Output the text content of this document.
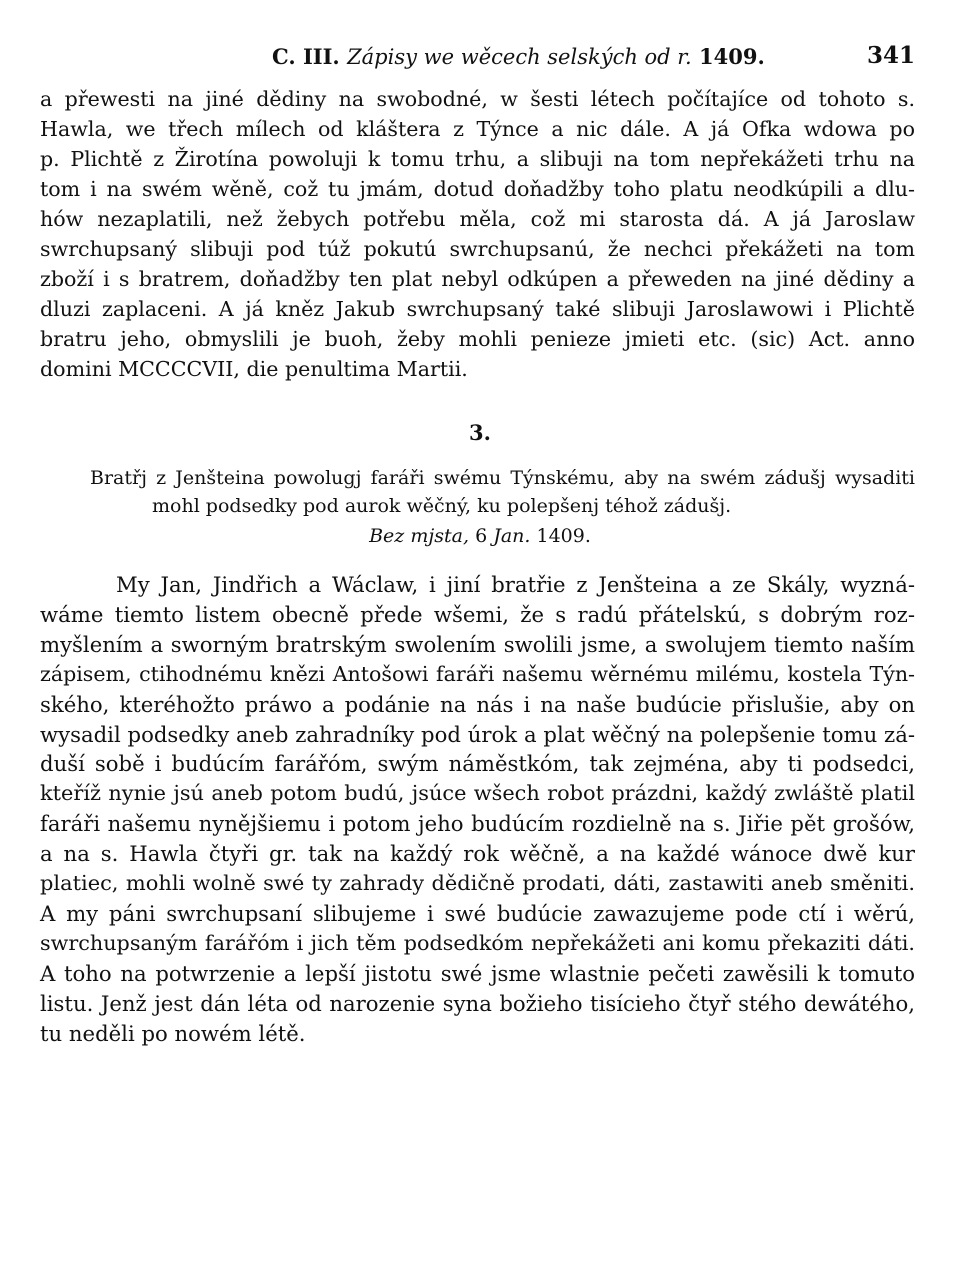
C. III. Zápisy we wěcech selských od r. 1409.	341
a přewesti na jiné dědiny na swobodné, w šesti létech počítajíce od tohoto s.
Hawla, we třech mílech od kláštera z Týnce a nic dále. A já Ofka wdowa po
p. Plichtě z Žirotína powoluji k tomu trhu, a slibuji na tom nepřekážeti trhu na
tom i na swém wěně, což tu jmám, dotud doňadžby toho platu neodkúpili a dlu-
hów nezaplatili, než žebych potřebu měla, což mi starosta dá. A já Jaroslaw
swrchupsaný slibuji pod túž pokutú swrchupsanú, že nechci překážeti na tom
zboží i s bratrem, doňadžby ten plat nebyl odkúpen a přeweden na jiné dědiny a
dluzi zaplaceni. A já kněz Jakub swrchupsaný také slibuji Jaroslawowi i Plichtě
bratru jeho, obmyslili je buoh, žeby mohli penieze jmieti etc. (sic) Act. anno
domini MCCCCVII, die penultima Martii.
3.
Bratřj z Jenšteina powolugj faráři swému Týnskému, aby na swém zádušj wysaditi
mohl podsedky pod aurok wěčný, ku polepšenj téhož zádušj.
Bez mjsta, 6 Jan. 1409.
My Jan, Jindřich a Wáclaw, i jiní bratřie z Jenšteina a ze Skály, wyzná-
wáme tiemto listem obecně přede wšemi, že s radú přátelskú, s dobrým roz-
myšlením a sworným bratrským swolením swolili jsme, a swolujem tiemto naším
zápisem, ctihodnému knězi Antošowi faráři našemu wěrnému milému, kostela Týn-
ského, kteréhožto práwo a podánie na nás i na naše budúcie přislušie, aby on
wysadil podsedky aneb zahradníky pod úrok a plat wěčný na polepšenie tomu zá-
duší sobě i budúcím farářóm, swým náměstkóm, tak zejména, aby ti podsedci,
kteříž nynie jsú aneb potom budú, jsúce wšech robot prázdni, každý zwláště platil
faráři našemu nynějšiemu i potom jeho budúcím rozdielně na s. Jiřie pět grošów,
a na s. Hawla čtyři gr. tak na každý rok wěčně, a na každé wánoce dwě kur
platiec, mohli wolně swé ty zahrady dědičně prodati, dáti, zastawiti aneb směniti.
A my páni swrchupsaní slibujeme i swé budúcie zawazujeme pode ctí i wěrú,
swrchupsaným farářóm i jich těm podsedkóm nepřekážeti ani komu překaziti dáti.
A toho na potwrzenie a lepší jistotu swé jsme wlastnie pečeti zawěsili k tomuto
listu. Jenž jest dán léta od narozenie syna božieho tisícieho čtyř stého dewátého,
tu neděli po nowém létě.
